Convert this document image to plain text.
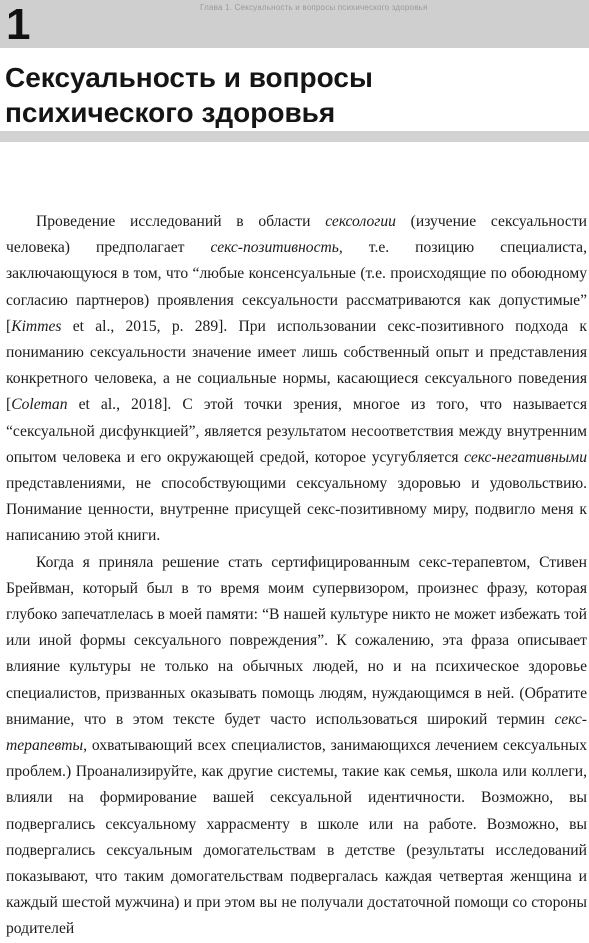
Глава 1. Сексуальность и вопросы психического здоровья
1
Сексуальность и вопросы
психического здоровья

Проведение исследований в области сексологии (изучение сексуальности человека) предполагает секс-позитивность, т.е. позицию специалиста, заключающуюся в том, что “любые консенсуальные (т.е. происходящие по обоюдному согласию партнеров) проявления сексуальности рассматриваются как допустимые” [Kimmes et al., 2015, p. 289]. При использовании секс-позитивного подхода к пониманию сексуальности значение имеет лишь собственный опыт и представления конкретного человека, а не социальные нормы, касающиеся сексуального поведения [Coleman et al., 2018]. С этой точки зрения, многое из того, что называется “сексуальной дисфункцией”, является результатом несоответствия между внутренним опытом человека и его окружающей средой, которое усугубляется секс-негативными представлениями, не способствующими сексуальному здоровью и удовольствию. Понимание ценности, внутренне присущей секс-позитивному миру, подвигло меня к написанию этой книги.

Когда я приняла решение стать сертифицированным секс-терапевтом, Стивен Брейвман, который был в то время моим супервизором, произнес фразу, которая глубоко запечатлелась в моей памяти: “В нашей культуре никто не может избежать той или иной формы сексуального повреждения”. К сожалению, эта фраза описывает влияние культуры не только на обычных людей, но и на психическое здоровье специалистов, призванных оказывать помощь людям, нуждающимся в ней. (Обратите внимание, что в этом тексте будет часто использоваться широкий термин секс-терапевты, охватывающий всех специалистов, занимающихся лечением сексуальных проблем.) Проанализируйте, как другие системы, такие как семья, школа или коллеги, влияли на формирование вашей сексуальной идентичности. Возможно, вы подвергались сексуальному харрасменту в школе или на работе. Возможно, вы подвергались сексуальным домогательствам в детстве (результаты исследований показывают, что таким домогательствам подвергалась каждая четвертая женщина и каждый шестой мужчина) и при этом вы не получали достаточной помощи со стороны родителей
